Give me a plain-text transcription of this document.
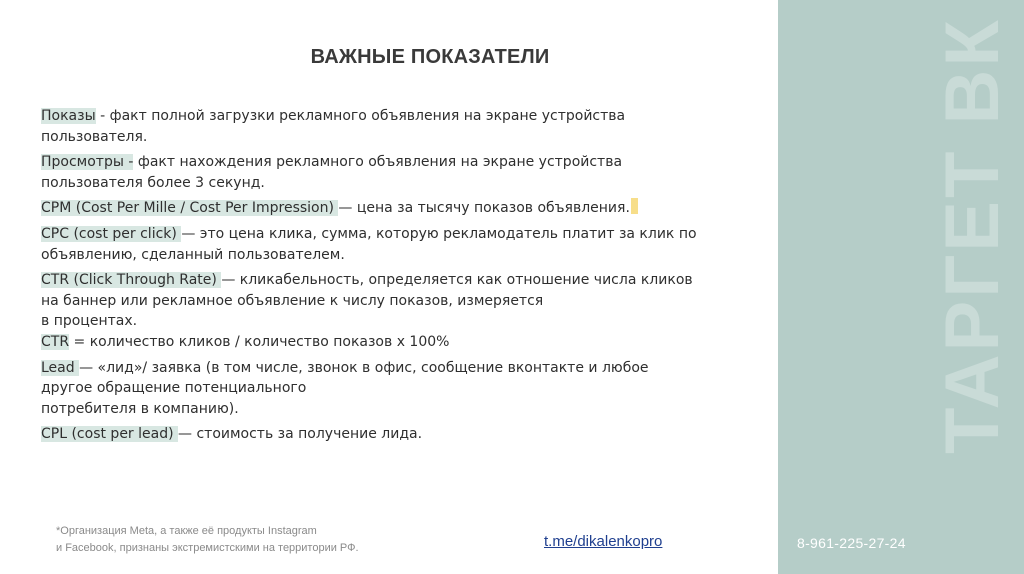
ВАЖНЫЕ ПОКАЗАТЕЛИ

Показы - факт полной загрузки рекламного объявления на экране устройства пользователя.

Просмотры - факт нахождения рекламного объявления на экране устройства пользователя более 3 секунд.

CPM (Cost Per Mille / Cost Per Impression) — цена за тысячу показов объявления.

CPC (cost per click) — это цена клика, сумма, которую рекламодатель платит за клик по объявлению, сделанный пользователем.

CTR (Click Through Rate) — кликабельность, определяется как отношение числа кликов на баннер или рекламное объявление к числу показов, измеряется
в процентах.

CTR = количество кликов / количество показов х 100%

Lead — «лид»/ заявка (в том числе, звонок в офис, сообщение вконтакте и любое другое обращение потенциального
потребителя в компанию).

CPL (cost per lead) — стоимость за получение лида.

*Организация Meta, а также её продукты Instagram
и Facebook, признаны экстремистскими на территории РФ.	t.me/dikalenkopro
ТАРГЕТ ВК
8-961-225-27-24
